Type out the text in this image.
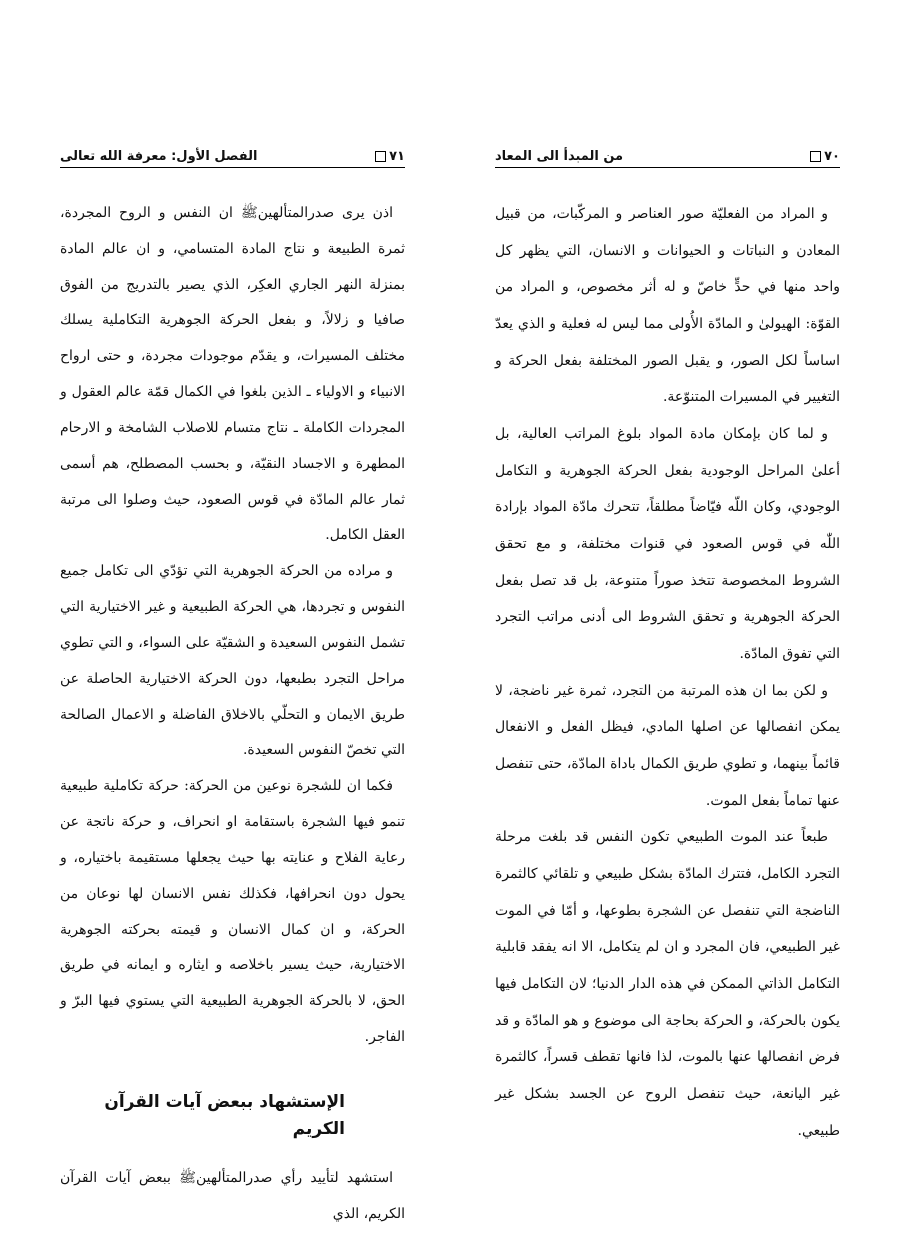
٧٠
من المبدأ الى المعاد

و المراد من الفعليّة صور العناصر و المركّبات، من قبيل المعادن و النباتات و الحيوانات و الانسان، التي يظهر كل واحد منها في حدٍّ خاصّ و له أثر مخصوص، و المراد من القوّة: الهيولىٰ و المادّة الأُولى مما ليس له فعلية و الذي يعدّ اساساً لكل الصور، و يقبل الصور المختلفة بفعل الحركة و التغيير في المسيرات المتنوّعة.

و لما كان بإمكان مادة المواد بلوغ المراتب العالية، بل أعلىٰ المراحل الوجودية بفعل الحركة الجوهرية و التكامل الوجودي، وكان اللّه فيّاضاً مطلقاً، تتحرك مادّة المواد بإرادة اللّٰه في قوس الصعود في قنوات مختلفة، و مع تحقق الشروط المخصوصة تتخذ صوراً متنوعة، بل قد تصل بفعل الحركة الجوهرية و تحقق الشروط الى أدنى مراتب التجرد التي تفوق المادّة.

و لكن بما ان هذه المرتبة من التجرد، ثمرة غير ناضجة، لا يمكن انفصالها عن اصلها المادي، فيظل الفعل و الانفعال قائماً بينهما، و تطوي طريق الكمال باداة المادّة، حتى تنفصل عنها تماماً بفعل الموت.

طبعاً عند الموت الطبيعي تكون النفس قد بلغت مرحلة التجرد الكامل، فتترك المادّة بشكل طبيعي و تلقائي كالثمرة الناضجة التي تنفصل عن الشجرة بطوعها، و أمّا في الموت غير الطبيعي، فان المجرد و ان لم يتكامل، الا انه يفقد قابلية التكامل الذاتي الممكن في هذه الدار الدنيا؛ لان التكامل فيها يكون بالحركة، و الحركة بحاجة الى موضوع و هو المادّة و قد فرض انفصالها عنها بالموت، لذا فانها تقطف قسراً، كالثمرة غير اليانعة، حيث تنفصل الروح عن الجسد بشكل غير طبيعي.

٧١
الفصل الأول: معرفة الله تعالى

اذن يرى صدرالمتألهينﷺ ان النفس و الروح المجردة، ثمرة الطبيعة و نتاج المادة المتسامي، و ان عالم المادة بمنزلة النهر الجاري العكِر، الذي يصير بالتدريج من الفوق صافيا و زلالاً، و بفعل الحركة الجوهرية التكاملية يسلك مختلف المسيرات، و يقدّم موجودات مجردة، و حتى ارواح الانبياء و الاولياء ـ الذين بلغوا في الكمال قمّة عالم العقول و المجردات الكاملة ـ نتاج متسام للاصلاب الشامخة و الارحام المطهرة و الاجساد النقيّة، و بحسب المصطلح، هم أسمى ثمار عالم المادّة في قوس الصعود، حيث وصلوا الى مرتبة العقل الكامل.

و مراده من الحركة الجوهرية التي تؤدّي الى تكامل جميع النفوس و تجردها، هي الحركة الطبيعية و غير الاختيارية التي تشمل النفوس السعيدة و الشقيّة على السواء، و التي تطوي مراحل التجرد بطبعها، دون الحركة الاختيارية الحاصلة عن طريق الايمان و التحلّي بالاخلاق الفاضلة و الاعمال الصالحة التي تخصّ النفوس السعيدة.

فكما ان للشجرة نوعين من الحركة: حركة تكاملية طبيعية تنمو فيها الشجرة باستقامة او انحراف، و حركة ناتجة عن رعاية الفلاح و عنايته بها حيث يجعلها مستقيمة باختياره، و يحول دون انحرافها، فكذلك نفس الانسان لها نوعان من الحركة، و ان كمال الانسان و قيمته بحركته الجوهرية الاختيارية، حيث يسير باخلاصه و ايثاره و ايمانه في طريق الحق، لا بالحركة الجوهرية الطبيعية التي يستوي فيها البرّ و الفاجر.

الإستشهاد ببعض آيات القرآن الكريم

استشهد لتأييد رأي صدرالمتألهينﷺ ببعض آيات القرآن الكريم، الذي
